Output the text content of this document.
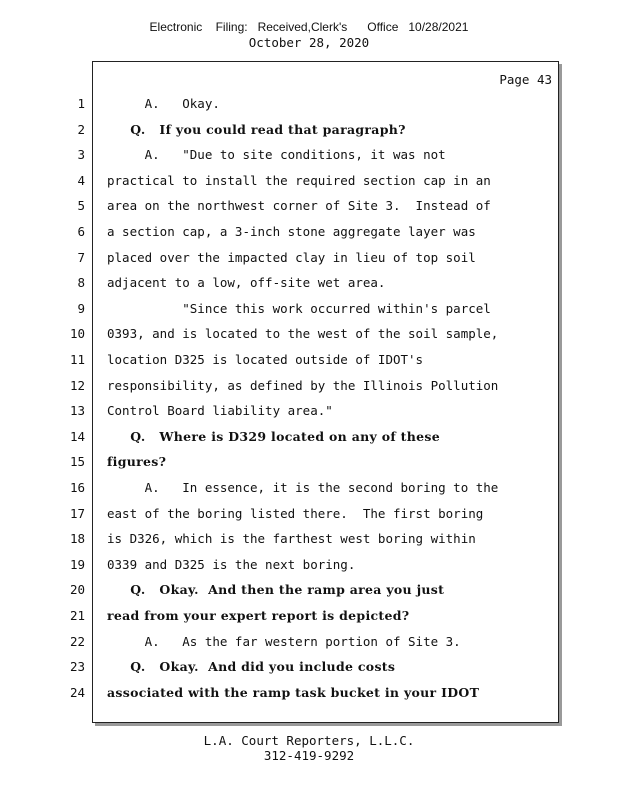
Electronic    Filing:   Received,Clerk's      Office   10/28/2021
October 28, 2020
Page 43
1 A.   Okay.
2 Q.   If you could read that paragraph?
3 A.   "Due to site conditions, it was not
4 practical to install the required section cap in an
5 area on the northwest corner of Site 3.  Instead of
6 a section cap, a 3-inch stone aggregate layer was
7 placed over the impacted clay in lieu of top soil
8 adjacent to a low, off-site wet area.
9 "Since this work occurred within's parcel
10 0393, and is located to the west of the soil sample,
11 location D325 is located outside of IDOT's
12 responsibility, as defined by the Illinois Pollution
13 Control Board liability area."
14 Q.   Where is D329 located on any of these
15 figures?
16 A.   In essence, it is the second boring to the
17 east of the boring listed there.  The first boring
18 is D326, which is the farthest west boring within
19 0339 and D325 is the next boring.
20 Q.   Okay.  And then the ramp area you just
21 read from your expert report is depicted?
22 A.   As the far western portion of Site 3.
23 Q.   Okay.  And did you include costs
24 associated with the ramp task bucket in your IDOT
L.A. Court Reporters, L.L.C.
312-419-9292
